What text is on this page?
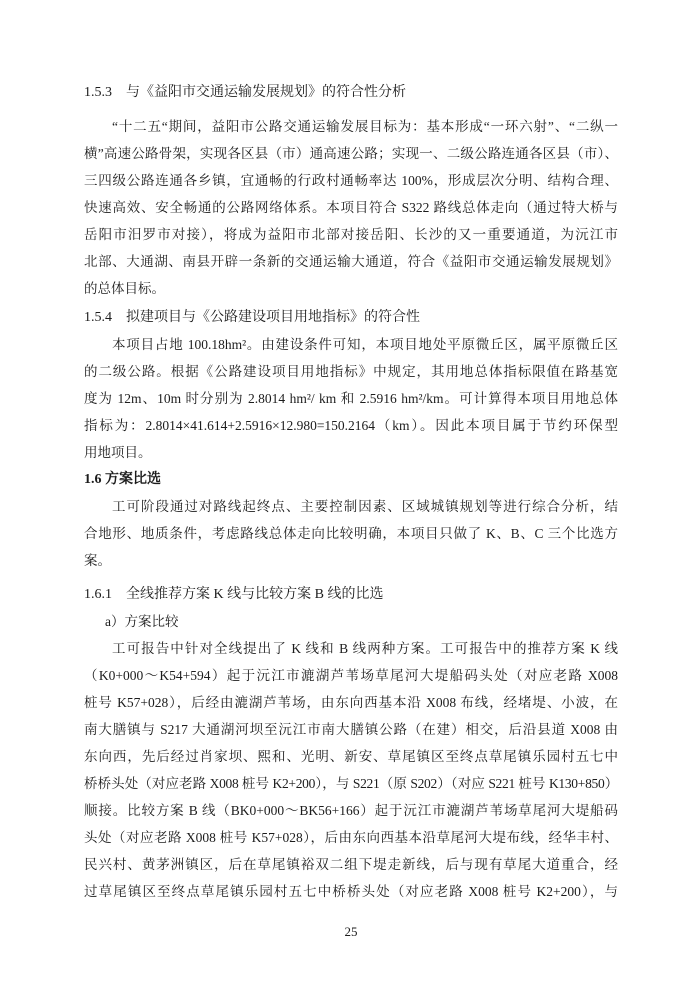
1.5.3　与《益阳市交通运输发展规划》的符合性分析
“十二五“期间，益阳市公路交通运输发展目标为：基本形成“一环六射”、“二纵一
横”高速公路骨架，实现各区县（市）通高速公路；实现一、二级公路连通各区县（市）、
三四级公路连通各乡镇，宜通畅的行政村通畅率达 100%，形成层次分明、结构合理、
快速高效、安全畅通的公路网络体系。本项目符合 S322 路线总体走向（通过特大桥与
岳阳市汨罗市对接），将成为益阳市北部对接岳阳、长沙的又一重要通道，为沅江市
北部、大通湖、南县开辟一条新的交通运输大通道，符合《益阳市交通运输发展规划》
的总体目标。
1.5.4　拟建项目与《公路建设项目用地指标》的符合性
本项目占地 100.18hm²。由建设条件可知，本项目地处平原微丘区，属平原微丘区
的二级公路。根据《公路建设项目用地指标》中规定，其用地总体指标限值在路基宽
度为 12m、10m 时分别为 2.8014 hm²/ km 和 2.5916 hm²/km。可计算得本项目用地总体
指标为：2.8014×41.614+2.5916×12.980=150.2164（km）。因此本项目属于节约环保型
用地项目。
1.6 方案比选
工可阶段通过对路线起终点、主要控制因素、区域城镇规划等进行综合分析，结
合地形、地质条件，考虑路线总体走向比较明确，本项目只做了 K、B、C 三个比选方
案。
1.6.1　全线推荐方案 K 线与比较方案 B 线的比选
a）方案比较
工可报告中针对全线提出了 K 线和 B 线两种方案。工可报告中的推荐方案 K 线
（K0+000～K54+594）起于沅江市漉湖芦苇场草尾河大堤船码头处（对应老路 X008
桩号 K57+028），后经由漉湖芦苇场，由东向西基本沿 X008 布线，经堵堤、小波，在
南大膳镇与 S217 大通湖河坝至沅江市南大膳镇公路（在建）相交，后沿县道 X008 由
东向西，先后经过肖家坝、熙和、光明、新安、草尾镇区至终点草尾镇乐园村五七中
桥桥头处（对应老路 X008 桩号 K2+200），与 S221（原 S202）（对应 S221 桩号 K130+850）
顺接。比较方案 B 线（BK0+000～BK56+166）起于沅江市漉湖芦苇场草尾河大堤船码
头处（对应老路 X008 桩号 K57+028），后由东向西基本沿草尾河大堤布线，经华丰村、
民兴村、黄茅洲镇区，后在草尾镇裕双二组下堤走新线，后与现有草尾大道重合，经
过草尾镇区至终点草尾镇乐园村五七中桥桥头处（对应老路 X008 桩号 K2+200），与
25
